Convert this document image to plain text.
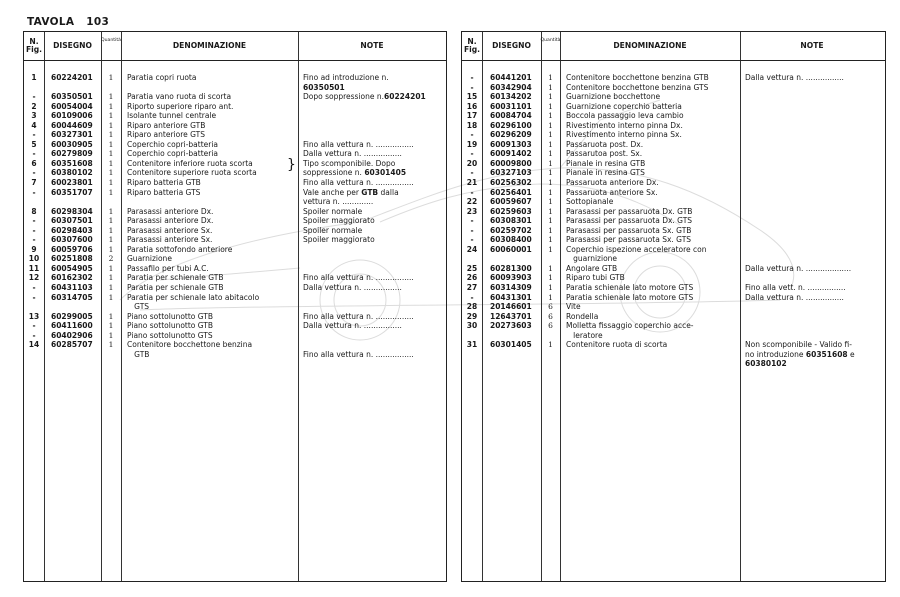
TAVOLA 103
N. Fig.	DISEGNO
Quantità
DENOMINAZIONE	NOTE
1	60224201	1	Paratia copri ruota	Fino ad introduzione n.
60350501
-	60350501	1	Paratia vano ruota di scorta	Dopo soppressione n.60224201
2	60054004	1	Riporto superiore riparo ant.
3	60109006	1	Isolante tunnel centrale
4	60044609	1	Riparo anteriore GTB
-	60327301	1	Riparo anteriore GTS
5	60030905	1	Coperchio copri-batteria	Fino alla vettura n. ................
-	60279809	1	Coperchio copri-batteria	Dalla vettura n. ................
6	60351608	1	Contenitore inferiore ruota scorta	Tipo scomponibile. Dopo
-	60380102	1	Contenitore superiore ruota scorta	soppressione n. 60301405
7	60023801	1	Riparo batteria GTB	Fino alla vettura n. ................
-	60351707	1	Riparo batteria GTS	Vale anche per GTB dalla
vettura n. .............
8	60298304	1	Parasassi anteriore Dx.	Spoiler normale
-	60307501	1	Parasassi anteriore Dx.	Spoiler maggiorato
-	60298403	1	Parasassi anteriore Sx.	Spoiler normale
-	60307600	1	Parasassi anteriore Sx.	Spoiler maggiorato
9	60059706	1	Paratia sottofondo anteriore
10	60251808	2	Guarnizione
11	60054905	1	Passafilo per tubi A.C.
12	60162302	1	Paratia per schienale GTB	Fino alla vettura n. ................
-	60431103	1	Paratia per schienale GTB	Dalla vettura n. ................
-	60314705	1	Paratia per schienale lato abitacolo
GTS
13	60299005	1	Piano sottolunotto GTB	Fino alla vettura n. ................
-	60411600	1	Piano sottolunotto GTB	Dalla vettura n. ................
-	60402906	1	Piano sottolunotto GTS
14	60285707	1	Contenitore bocchettone benzina
GTB	Fino alla vettura n. ................
}
N. Fig.	DISEGNO
Quantità
DENOMINAZIONE	NOTE
-	60441201	1	Contenitore bocchettone benzina GTB	Dalla vettura n. ................
-	60342904	1	Contenitore bocchettone benzina GTS
15	60134202	1	Guarnizione bocchettone
16	60031101	1	Guarnizione coperchio batteria
17	60084704	1	Boccola passaggio leva cambio
18	60296100	1	Rivestimento interno pinna Dx.
-	60296209	1	Rivestimento interno pinna Sx.
19	60091303	1	Passaruota post. Dx.
-	60091402	1	Passarutoa post. Sx.
20	60009800	1	Pianale in resina GTB
-	60327103	1	Pianale in resina GTS
21	60256302	1	Passaruota anteriore Dx.
-	60256401	1	Passaruota anteriore Sx.
22	60059607	1	Sottopianale
23	60259603	1	Parasassi per passaruota Dx. GTB
-	60308301	1	Parasassi per passaruota Dx. GTS
-	60259702	1	Parasassi per passaruota Sx. GTB
-	60308400	1	Parasassi per passaruota Sx. GTS
24	60060001	1	Coperchio ispezione acceleratore con
guarnizione
25	60281300	1	Angolare GTB	Dalla vettura n. ...................
26	60093903	1	Riparo tubi GTB
27	60314309	1	Paratia schienale lato motore GTS	Fino alla vett. n. ................
-	60431301	1	Paratia schienale lato motore GTS	Dalla vettura n. ................
28	20146601	6	Vite
29	12643701	6	Rondella
30	20273603	6	Molletta fissaggio coperchio acce-
leratore
31	60301405	1	Contenitore ruota di scorta	Non scomponibile - Valido fi-
no introduzione 60351608 e
60380102
